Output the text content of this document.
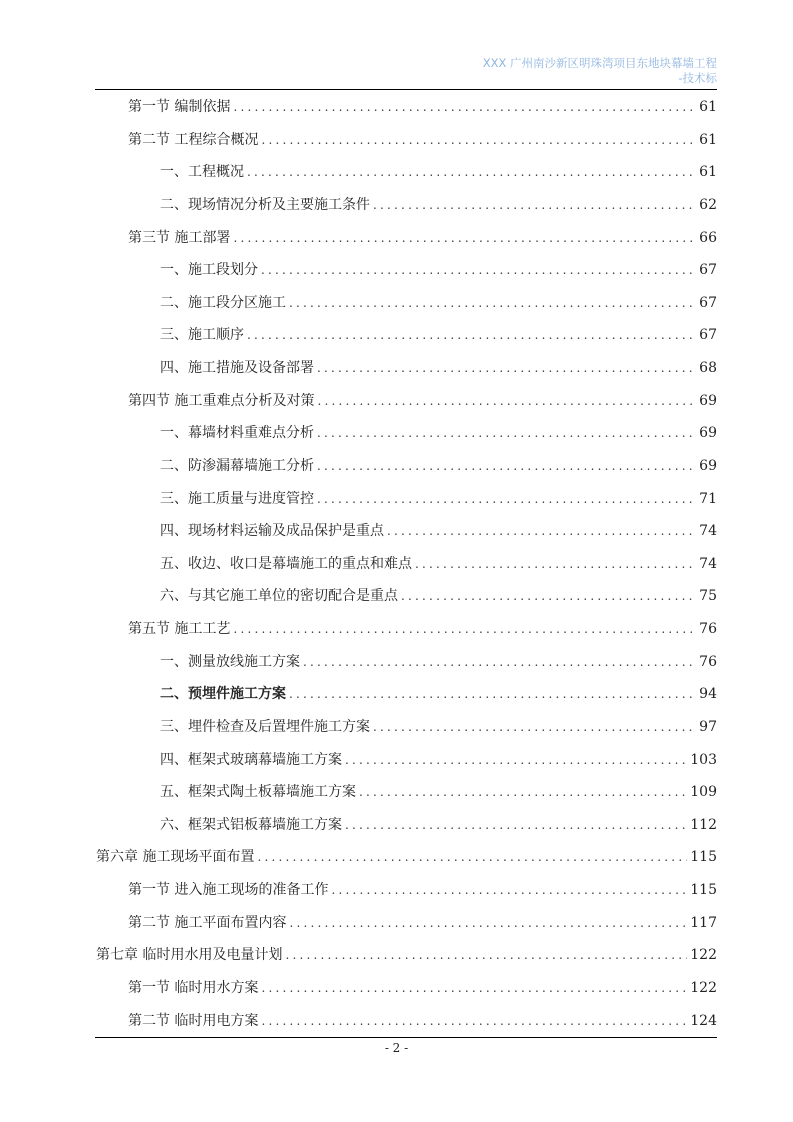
XXX 广州南沙新区明珠湾项目东地块幕墙工程
-技术标
第一节 编制依据 .....	61
第二节 工程综合概况 .....	61
一、工程概况 .....	61
二、现场情况分析及主要施工条件 .....	62
第三节 施工部署 .....	66
一、施工段划分 .....	67
二、施工段分区施工 .....	67
三、施工顺序 .....	67
四、施工措施及设备部署 .....	68
第四节 施工重难点分析及对策 .....	69
一、幕墙材料重难点分析 .....	69
二、防渗漏幕墙施工分析 .....	69
三、施工质量与进度管控 .....	71
四、现场材料运输及成品保护是重点 .....	74
五、收边、收口是幕墙施工的重点和难点 .....	74
六、与其它施工单位的密切配合是重点 .....	75
第五节 施工工艺 .....	76
一、测量放线施工方案 .....	76
二、预埋件施工方案 .....	94
三、埋件检查及后置埋件施工方案 .....	97
四、框架式玻璃幕墙施工方案 .....	103
五、框架式陶土板幕墙施工方案 .....	109
六、框架式铝板幕墙施工方案 .....	112
第六章 施工现场平面布置 .....	115
第一节 进入施工现场的准备工作 .....	115
第二节 施工平面布置内容 .....	117
第七章 临时用水用及电量计划 .....	122
第一节 临时用水方案 .....	122
第二节 临时用电方案 .....	124
- 2 -
